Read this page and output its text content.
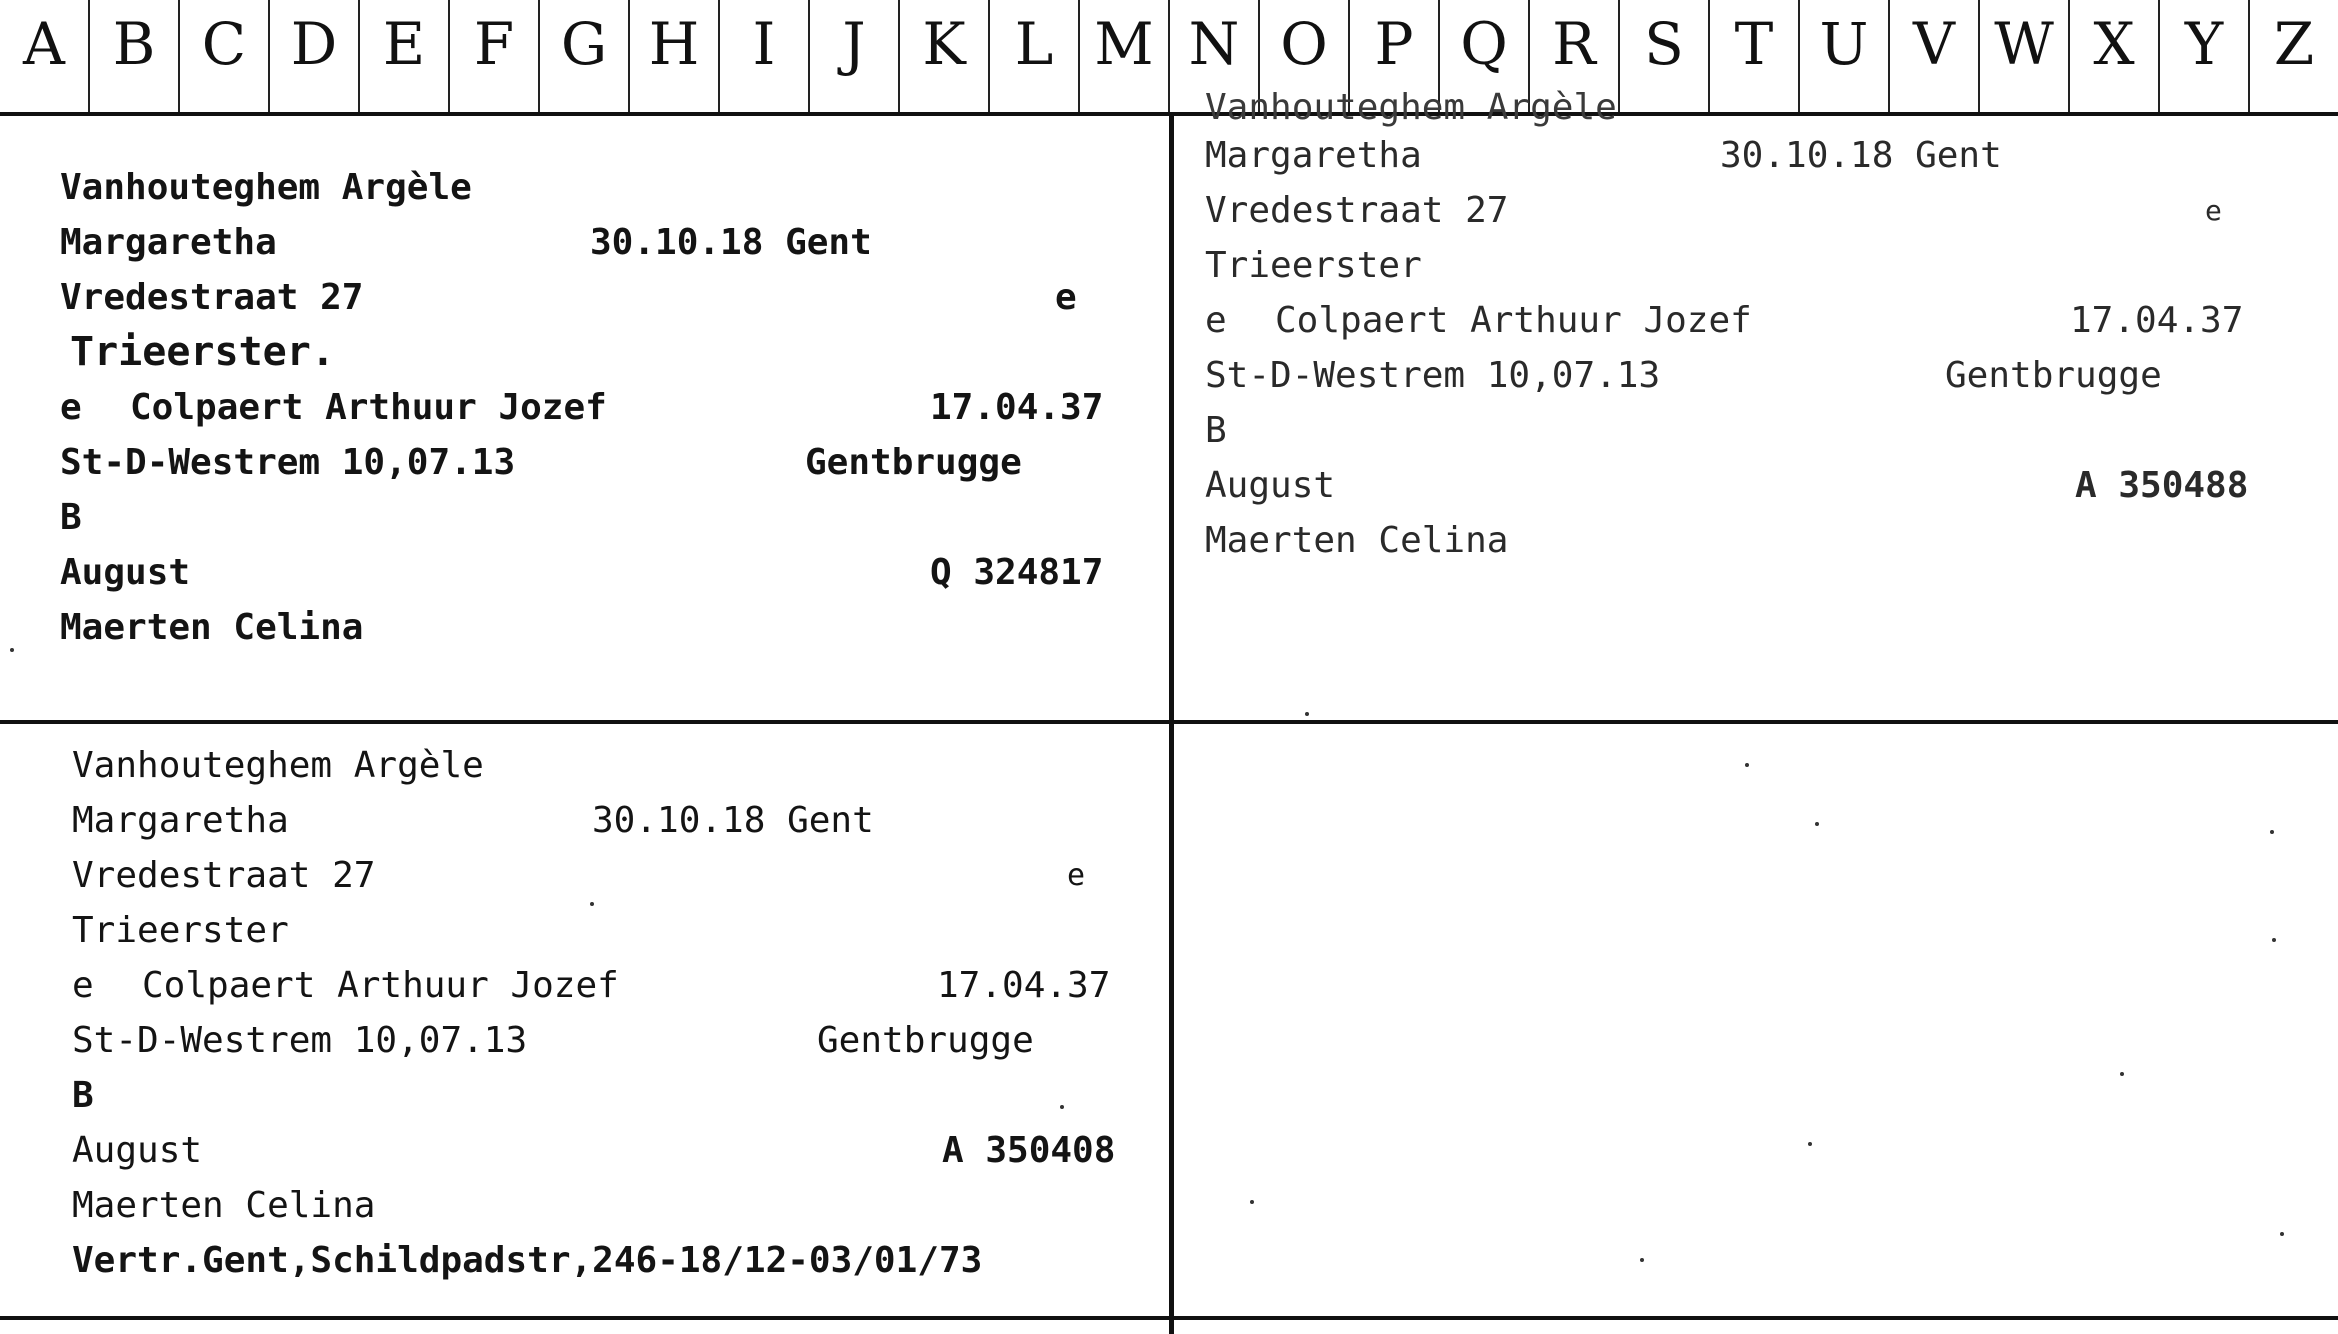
A B C D E F G H I	J K L M N O P Q R S T U V W X Y Z
Vanhouteghem Argèle
Margaretha	30.10.18 Gent
Vredestraat 27	e
Trieerster.
e Colpaert Arthuur Jozef	17.04.37
St-D-Westrem 10,07.13	Gentbrugge
B
August	Q 324817
Maerten Celina
Vanhouteghem Argèle
Margaretha	30.10.18 Gent
Vredestraat 27	e
Trieerster
e Colpaert Arthuur Jozef	17.04.37
St-D-Westrem 10,07.13	Gentbrugge
B
August	A 350488
Maerten Celina
Vanhouteghem Argèle
Margaretha	30.10.18 Gent
Vredestraat 27	e
Trieerster
e Colpaert Arthuur Jozef	17.04.37
St-D-Westrem 10,07.13	Gentbrugge
B
August	A 350408
Maerten Celina
Vertr.Gent,Schildpadstr,246-18/12-03/01/73
